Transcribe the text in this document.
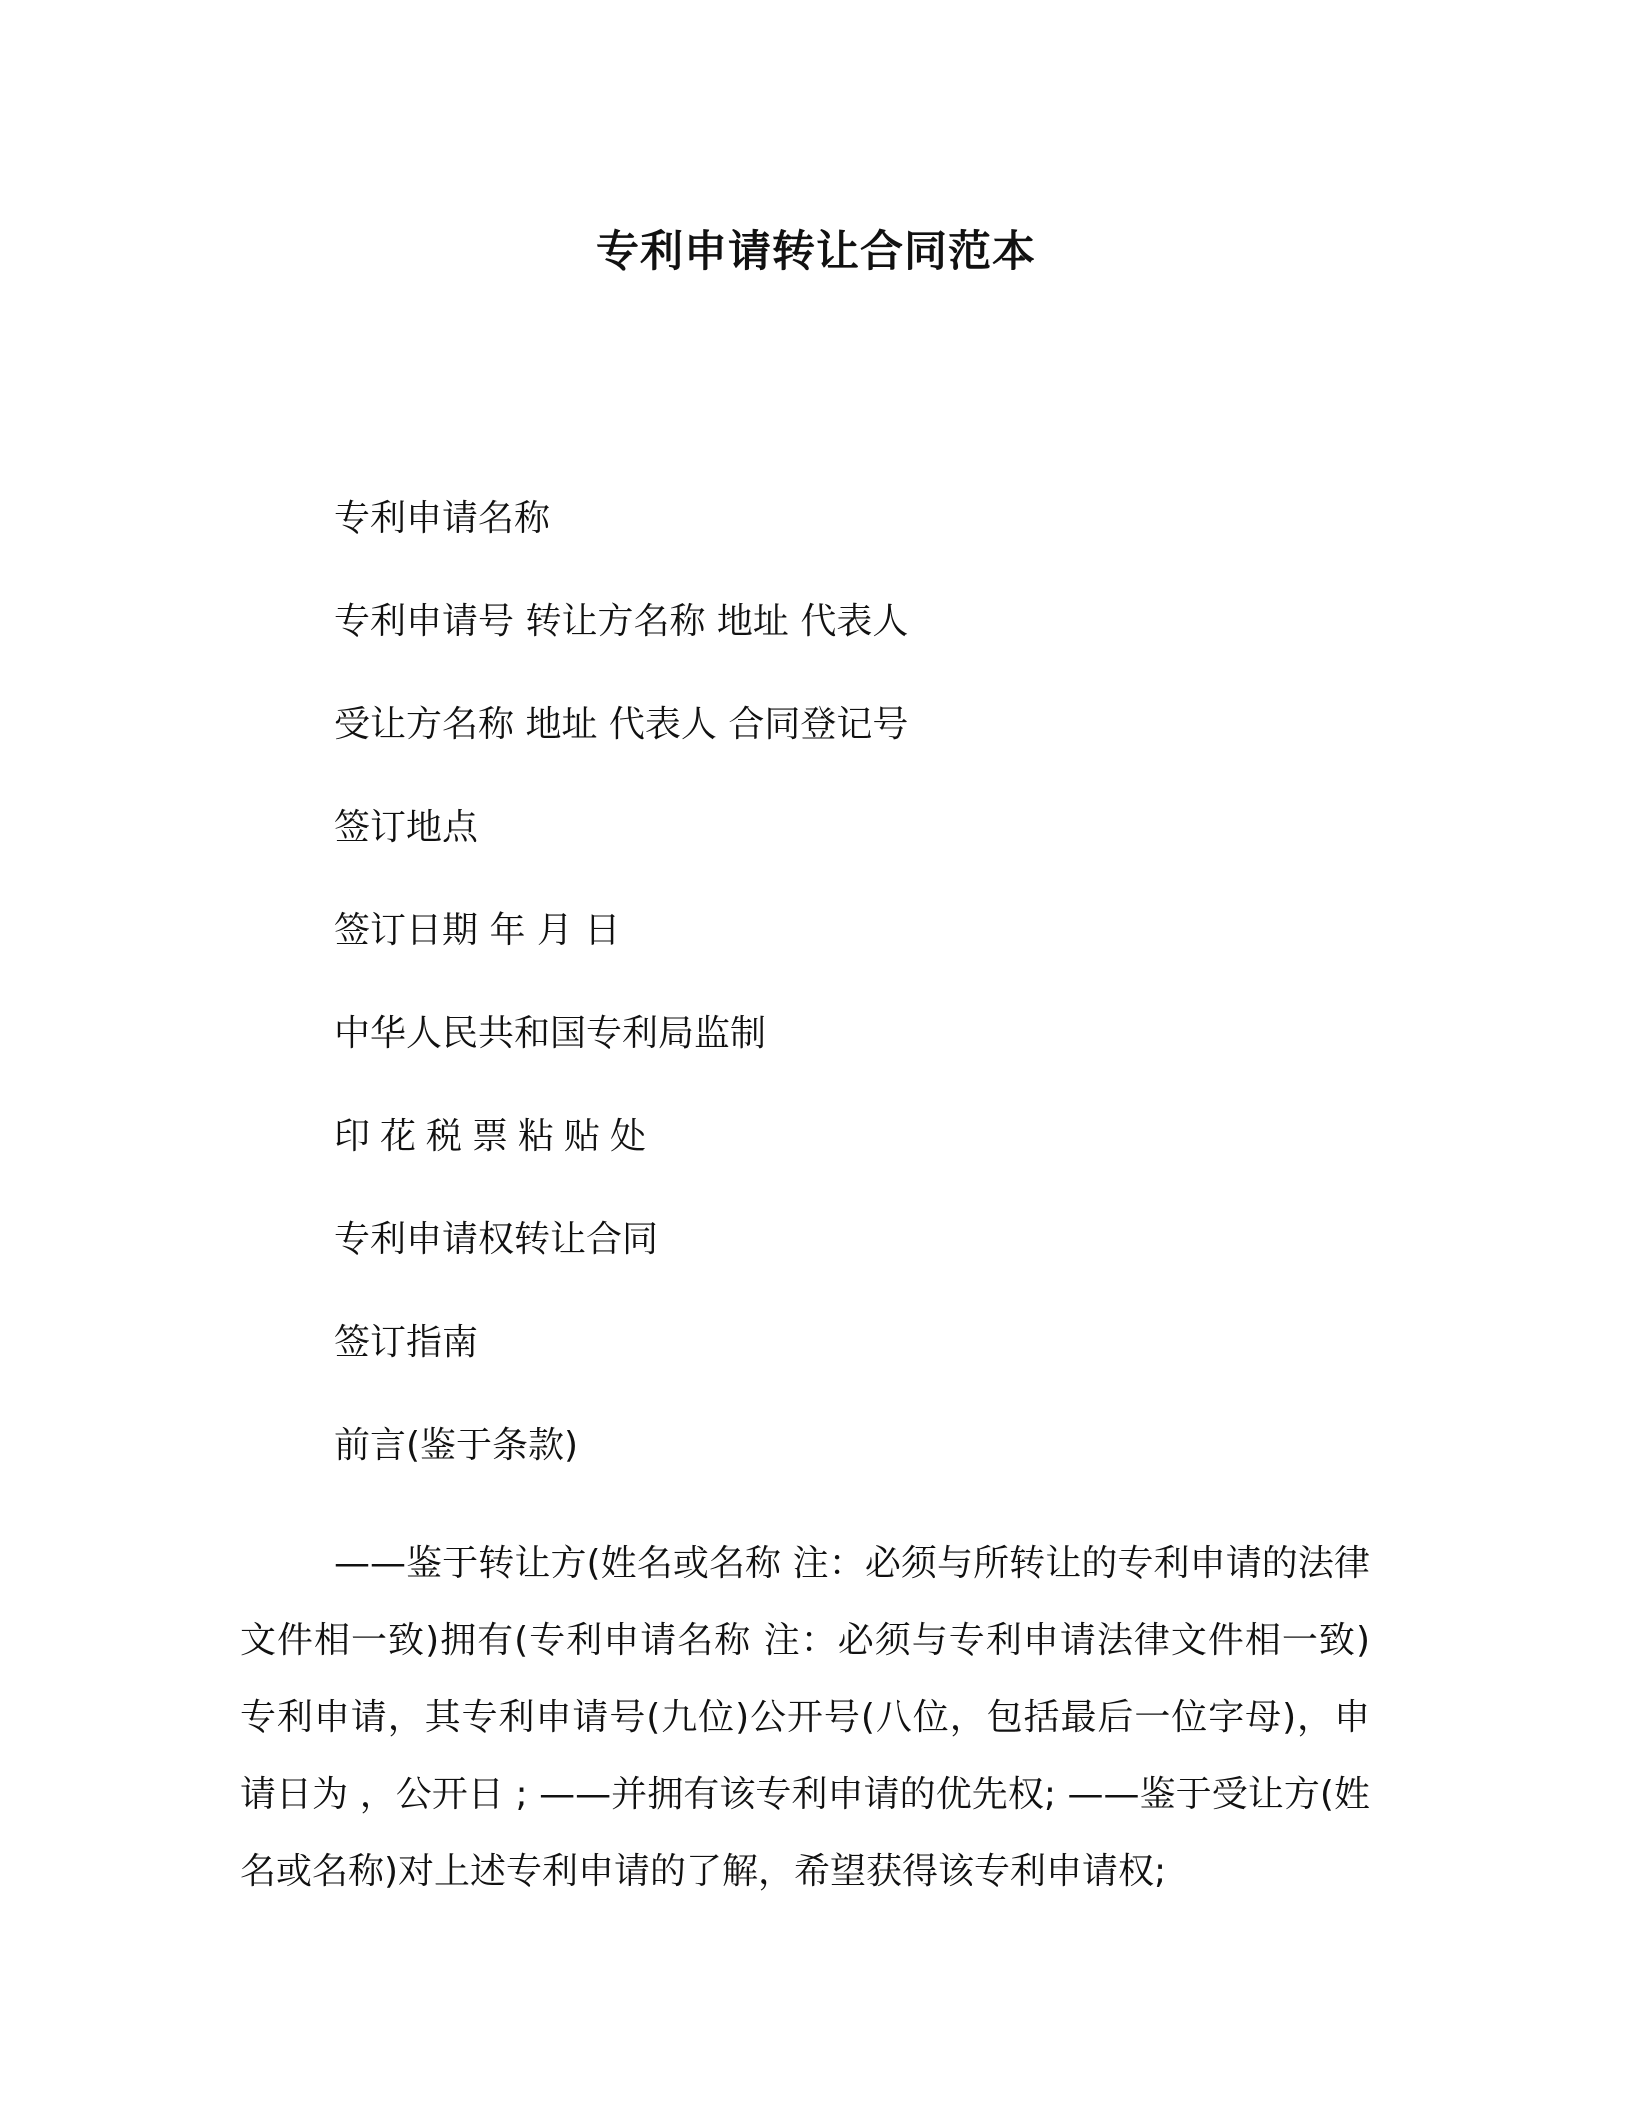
专利申请转让合同范本

专利申请名称

专利申请号 转让方名称 地址 代表人

受让方名称 地址 代表人 合同登记号

签订地点

签订日期 年 月 日

中华人民共和国专利局监制

印花税票粘贴处

专利申请权转让合同

签订指南

前言(鉴于条款)

——鉴于转让方(姓名或名称 注：必须与所转让的专利申请的法律文件相一致)拥有(专利申请名称 注：必须与专利申请法律文件相一致)专利申请，其专利申请号(九位)公开号(八位，包括最后一位字母)，申请日为 ，公开日 ; ——并拥有该专利申请的优先权; ——鉴于受让方(姓名或名称)对上述专利申请的了解，希望获得该专利申请权;
